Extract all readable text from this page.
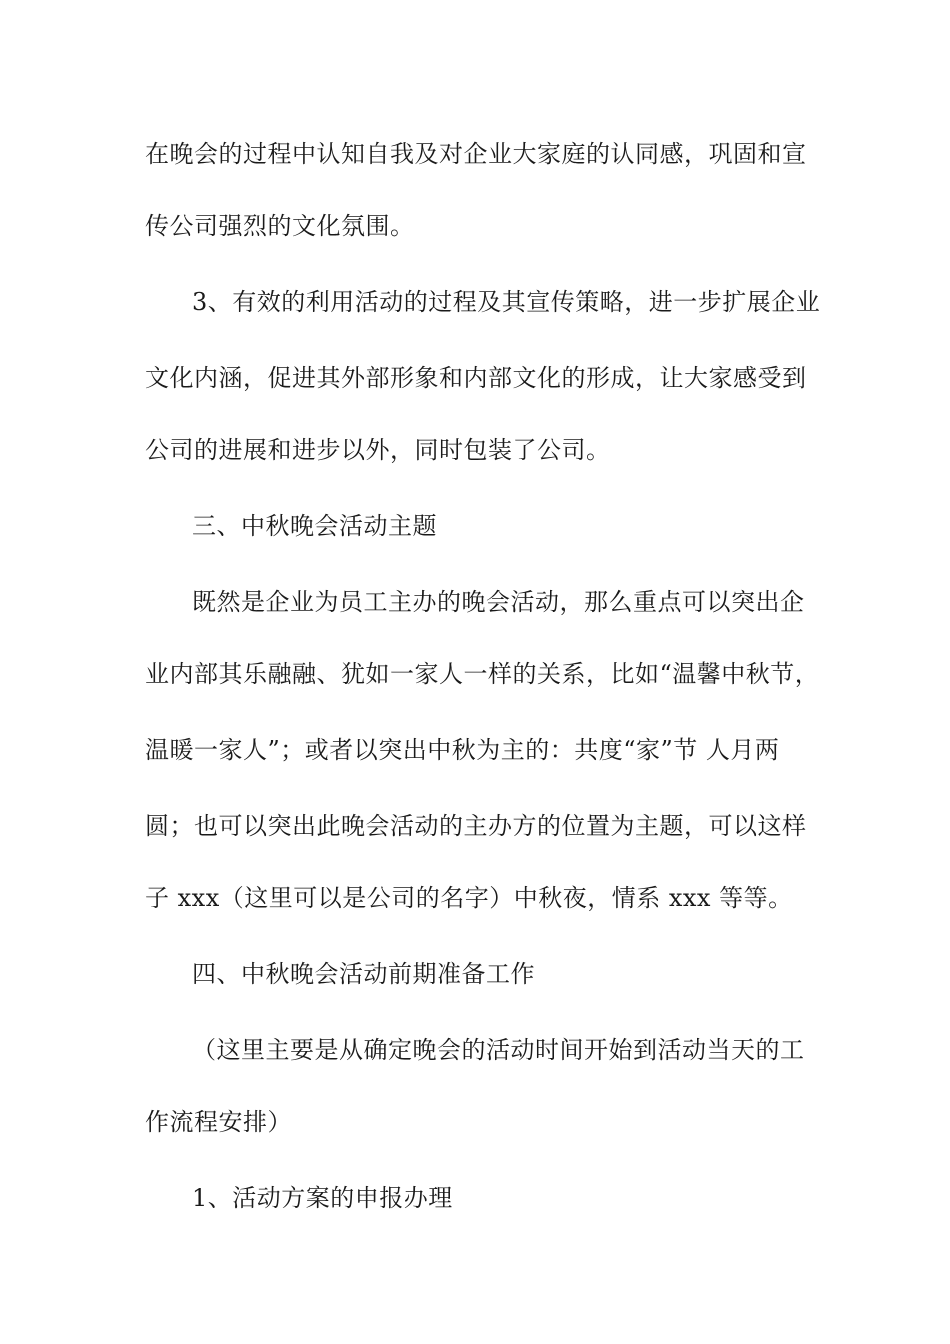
在晚会的过程中认知自我及对企业大家庭的认同感，巩固和宣
传公司强烈的文化氛围。
3、有效的利用活动的过程及其宣传策略，进一步扩展企业
文化内涵，促进其外部形象和内部文化的形成，让大家感受到
公司的进展和进步以外，同时包装了公司。
三、中秋晚会活动主题
既然是企业为员工主办的晚会活动，那么重点可以突出企
业内部其乐融融、犹如一家人一样的关系，比如“温馨中秋节，
温暖一家人”；或者以突出中秋为主的：共度“家”节 人月两
圆；也可以突出此晚会活动的主办方的位置为主题，可以这样
子 xxx（这里可以是公司的名字）中秋夜，情系 xxx 等等。
四、中秋晚会活动前期准备工作
（这里主要是从确定晚会的活动时间开始到活动当天的工
作流程安排）
1、活动方案的申报办理
